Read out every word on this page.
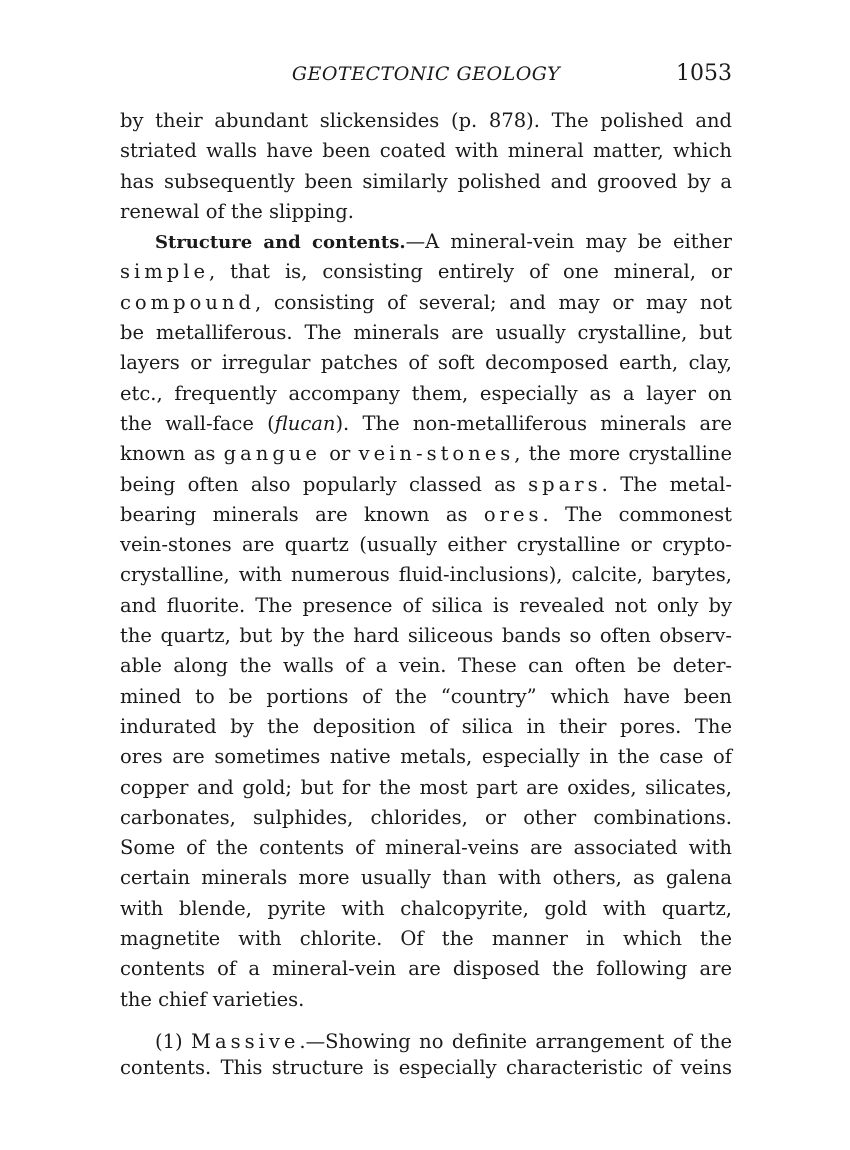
GEOTECTONIC GEOLOGY	1053
by their abundant slickensides (p. 878). The polished and
striated walls have been coated with mineral matter, which
has subsequently been similarly polished and grooved by a
renewal of the slipping.
Structure and contents.—A mineral-vein may be either
simple, that is, consisting entirely of one mineral, or
compound, consisting of several; and may or may not
be metalliferous. The minerals are usually crystalline, but
layers or irregular patches of soft decomposed earth, clay,
etc., frequently accompany them, especially as a layer on
the wall-face (flucan). The non-metalliferous minerals are
known as gangue or vein-stones, the more crystalline
being often also popularly classed as spars. The metal-
bearing minerals are known as ores. The commonest
vein-stones are quartz (usually either crystalline or crypto-
crystalline, with numerous fluid-inclusions), calcite, barytes,
and fluorite. The presence of silica is revealed not only by
the quartz, but by the hard siliceous bands so often observ-
able along the walls of a vein. These can often be deter-
mined to be portions of the “country” which have been
indurated by the deposition of silica in their pores. The
ores are sometimes native metals, especially in the case of
copper and gold; but for the most part are oxides, silicates,
carbonates, sulphides, chlorides, or other combinations.
Some of the contents of mineral-veins are associated with
certain minerals more usually than with others, as galena
with blende, pyrite with chalcopyrite, gold with quartz,
magnetite with chlorite. Of the manner in which the
contents of a mineral-vein are disposed the following are
the chief varieties.
(1) Massive.—Showing no definite arrangement of the
contents. This structure is especially characteristic of veins
